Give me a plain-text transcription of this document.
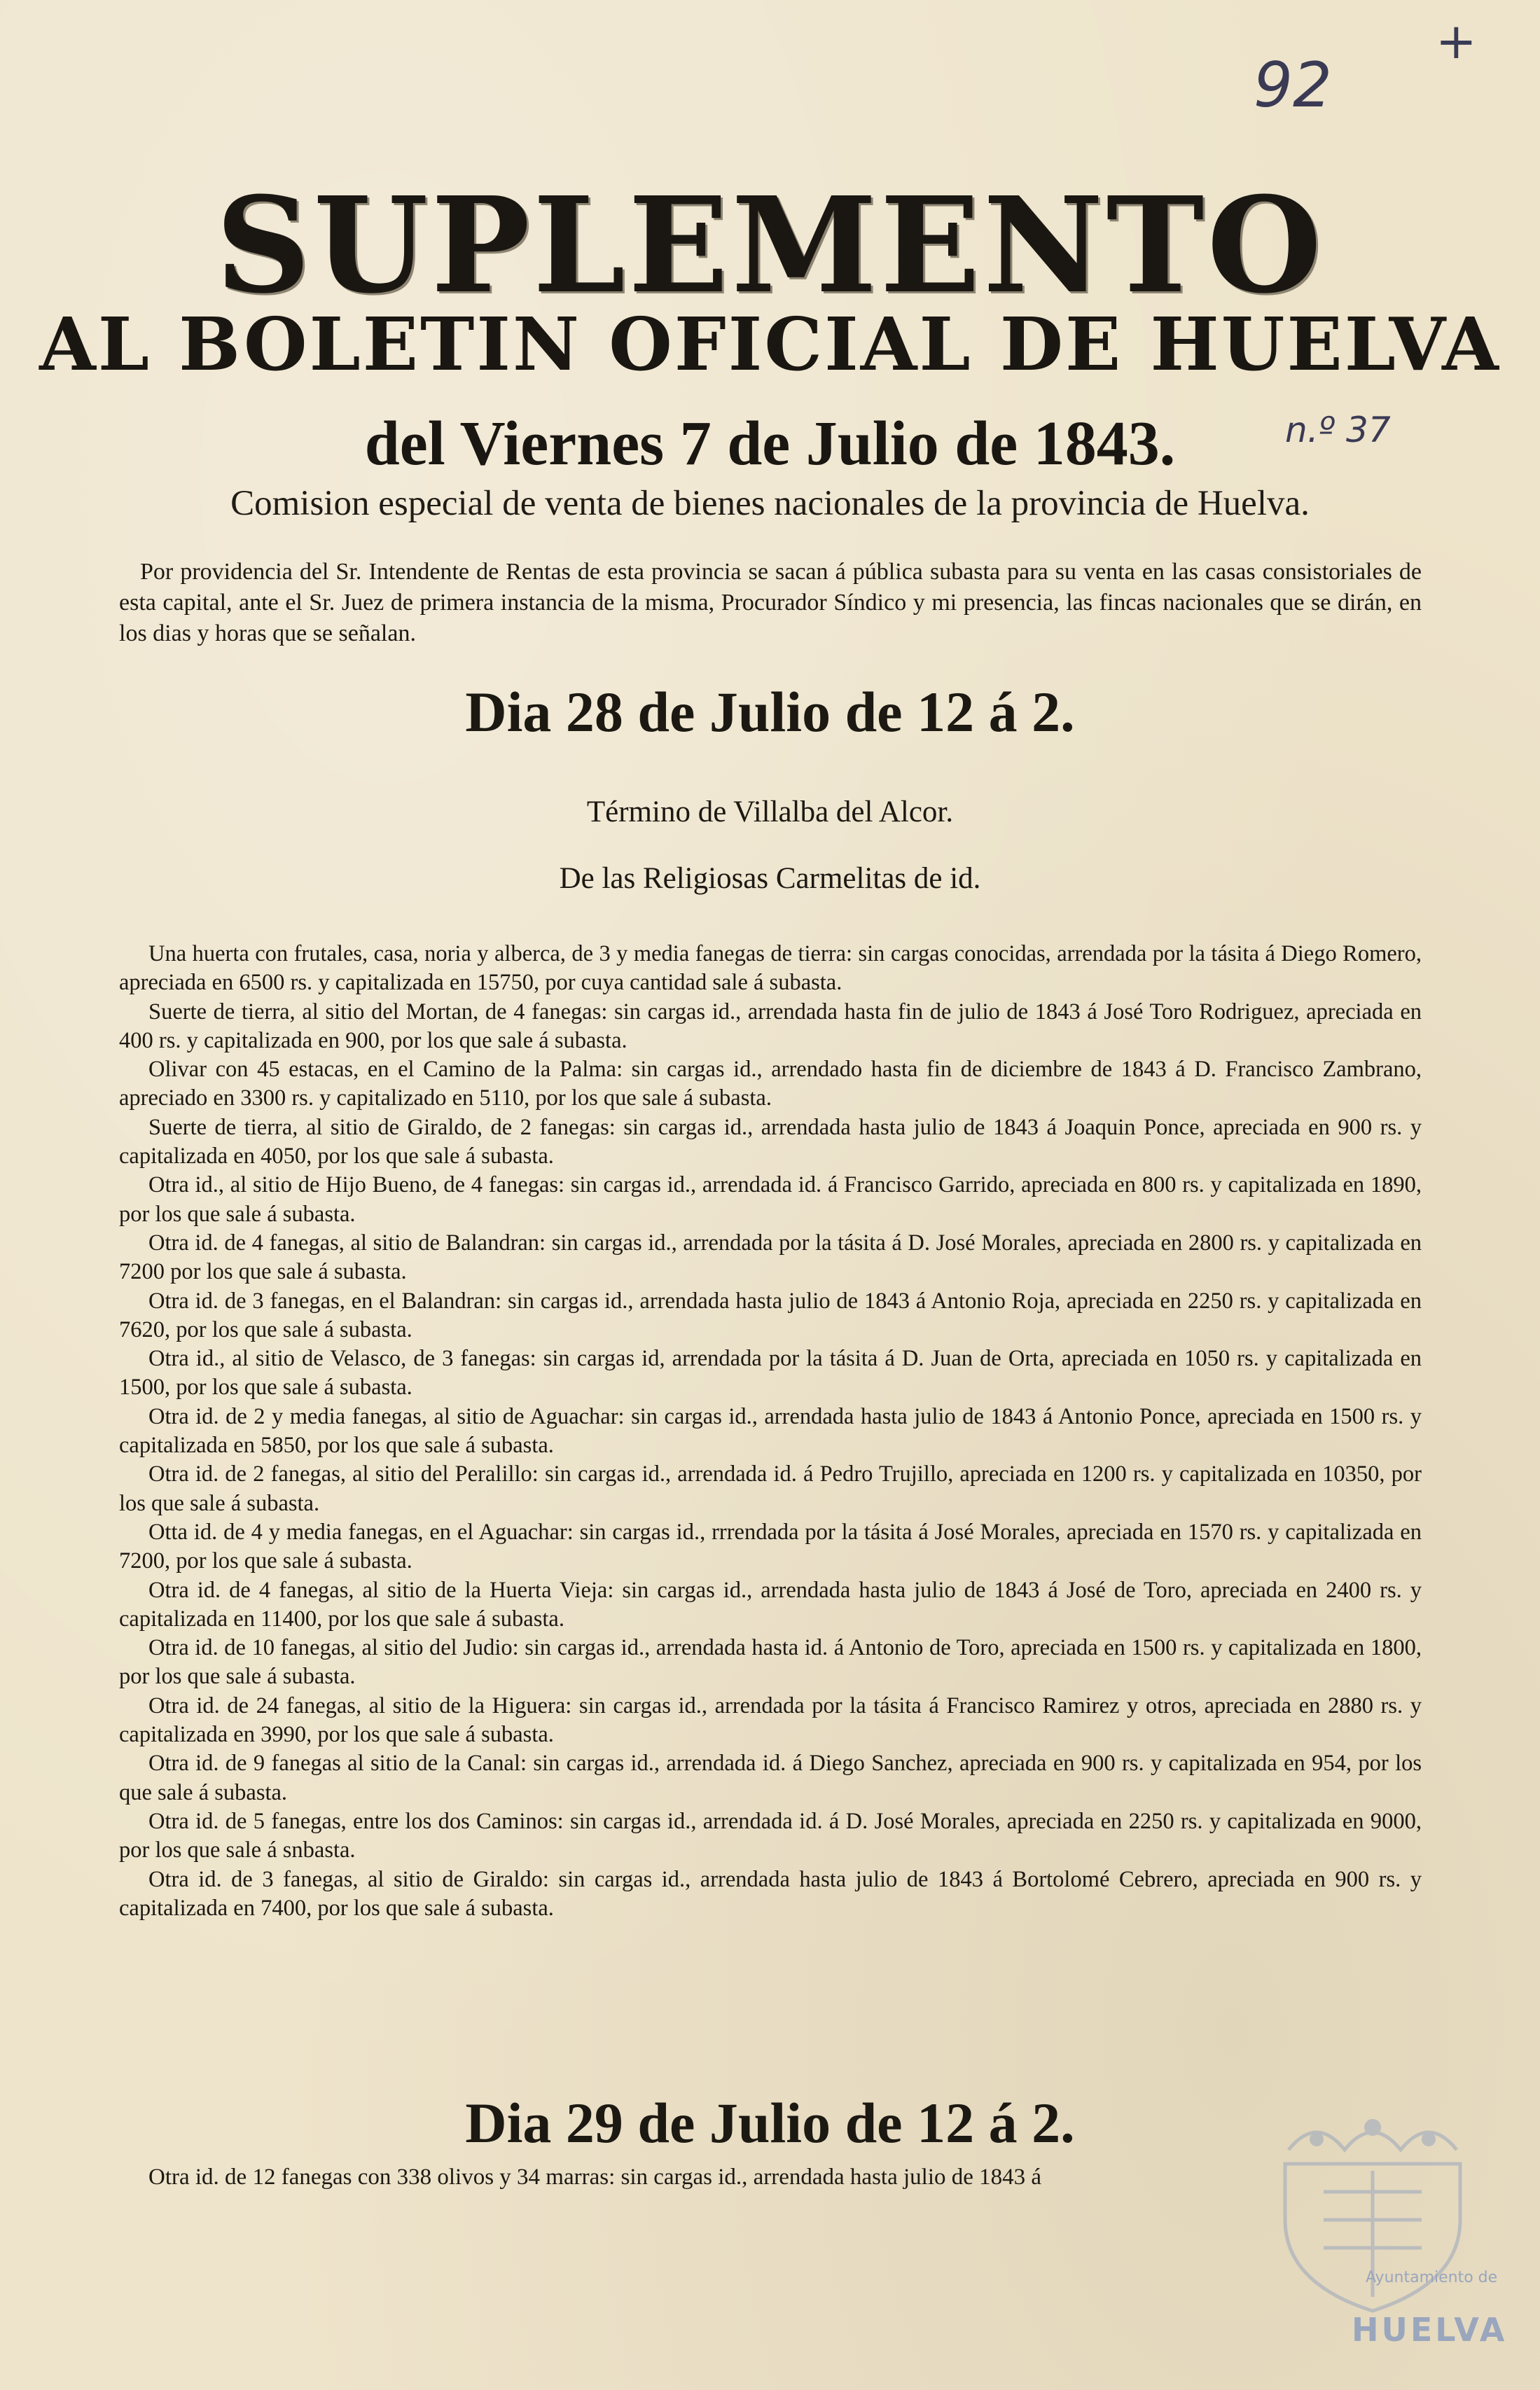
+
92
n.º 37
SUPLEMENTO
AL BOLETIN OFICIAL DE HUELVA
del Viernes 7 de Julio de 1843.
Comision especial de venta de bienes nacionales de la provincia de Huelva.

Por providencia del Sr. Intendente de Rentas de esta provincia se sacan á pública subasta para su venta en las casas consistoriales de esta capital, ante el Sr. Juez de primera instancia de la misma, Procurador Síndico y mi presencia, las fincas nacionales que se dirán, en los dias y horas que se señalan.

Dia 28 de Julio de 12 á 2.
Término de Villalba del Alcor.
De las Religiosas Carmelitas de id.

Una huerta con frutales, casa, noria y alberca, de 3 y media fanegas de tierra: sin cargas conocidas, arrendada por la tásita á Diego Romero, apreciada en 6500 rs. y capitalizada en 15750, por cuya cantidad sale á subasta.

Suerte de tierra, al sitio del Mortan, de 4 fanegas: sin cargas id., arrendada hasta fin de julio de 1843 á José Toro Rodriguez, apreciada en 400 rs. y capitalizada en 900, por los que sale á subasta.

Olivar con 45 estacas, en el Camino de la Palma: sin cargas id., arrendado hasta fin de diciembre de 1843 á D. Francisco Zambrano, apreciado en 3300 rs. y capitalizado en 5110, por los que sale á subasta.

Suerte de tierra, al sitio de Giraldo, de 2 fanegas: sin cargas id., arrendada hasta julio de 1843 á Joaquin Ponce, apreciada en 900 rs. y capitalizada en 4050, por los que sale á subasta.

Otra id., al sitio de Hijo Bueno, de 4 fanegas: sin cargas id., arrendada id. á Francisco Garrido, apreciada en 800 rs. y capitalizada en 1890, por los que sale á subasta.

Otra id. de 4 fanegas, al sitio de Balandran: sin cargas id., arrendada por la tásita á D. José Morales, apreciada en 2800 rs. y capitalizada en 7200 por los que sale á subasta.

Otra id. de 3 fanegas, en el Balandran: sin cargas id., arrendada hasta julio de 1843 á Antonio Roja, apreciada en 2250 rs. y capitalizada en 7620, por los que sale á subasta.

Otra id., al sitio de Velasco, de 3 fanegas: sin cargas id, arrendada por la tásita á D. Juan de Orta, apreciada en 1050 rs. y capitalizada en 1500, por los que sale á subasta.

Otra id. de 2 y media fanegas, al sitio de Aguachar: sin cargas id., arrendada hasta julio de 1843 á Antonio Ponce, apreciada en 1500 rs. y capitalizada en 5850, por los que sale á subasta.

Otra id. de 2 fanegas, al sitio del Peralillo: sin cargas id., arrendada id. á Pedro Trujillo, apreciada en 1200 rs. y capitalizada en 10350, por los que sale á subasta.

Otta id. de 4 y media fanegas, en el Aguachar: sin cargas id., rrrendada por la tásita á José Morales, apreciada en 1570 rs. y capitalizada en 7200, por los que sale á subasta.

Otra id. de 4 fanegas, al sitio de la Huerta Vieja: sin cargas id., arrendada hasta julio de 1843 á José de Toro, apreciada en 2400 rs. y capitalizada en 11400, por los que sale á subasta.

Otra id. de 10 fanegas, al sitio del Judio: sin cargas id., arrendada hasta id. á Antonio de Toro, apreciada en 1500 rs. y capitalizada en 1800, por los que sale á subasta.

Otra id. de 24 fanegas, al sitio de la Higuera: sin cargas id., arrendada por la tásita á Francisco Ramirez y otros, apreciada en 2880 rs. y capitalizada en 3990, por los que sale á subasta.

Otra id. de 9 fanegas al sitio de la Canal: sin cargas id., arrendada id. á Diego Sanchez, apreciada en 900 rs. y capitalizada en 954, por los que sale á subasta.

Otra id. de 5 fanegas, entre los dos Caminos: sin cargas id., arrendada id. á D. José Morales, apreciada en 2250 rs. y capitalizada en 9000, por los que sale á snbasta.

Otra id. de 3 fanegas, al sitio de Giraldo: sin cargas id., arrendada hasta julio de 1843 á Bortolomé Cebrero, apreciada en 900 rs. y capitalizada en 7400, por los que sale á subasta.

Dia 29 de Julio de 12 á 2.

Otra id. de 12 fanegas con 338 olivos y 34 marras: sin cargas id., arrendada hasta julio de 1843 á

Ayuntamiento de
HUELVA
